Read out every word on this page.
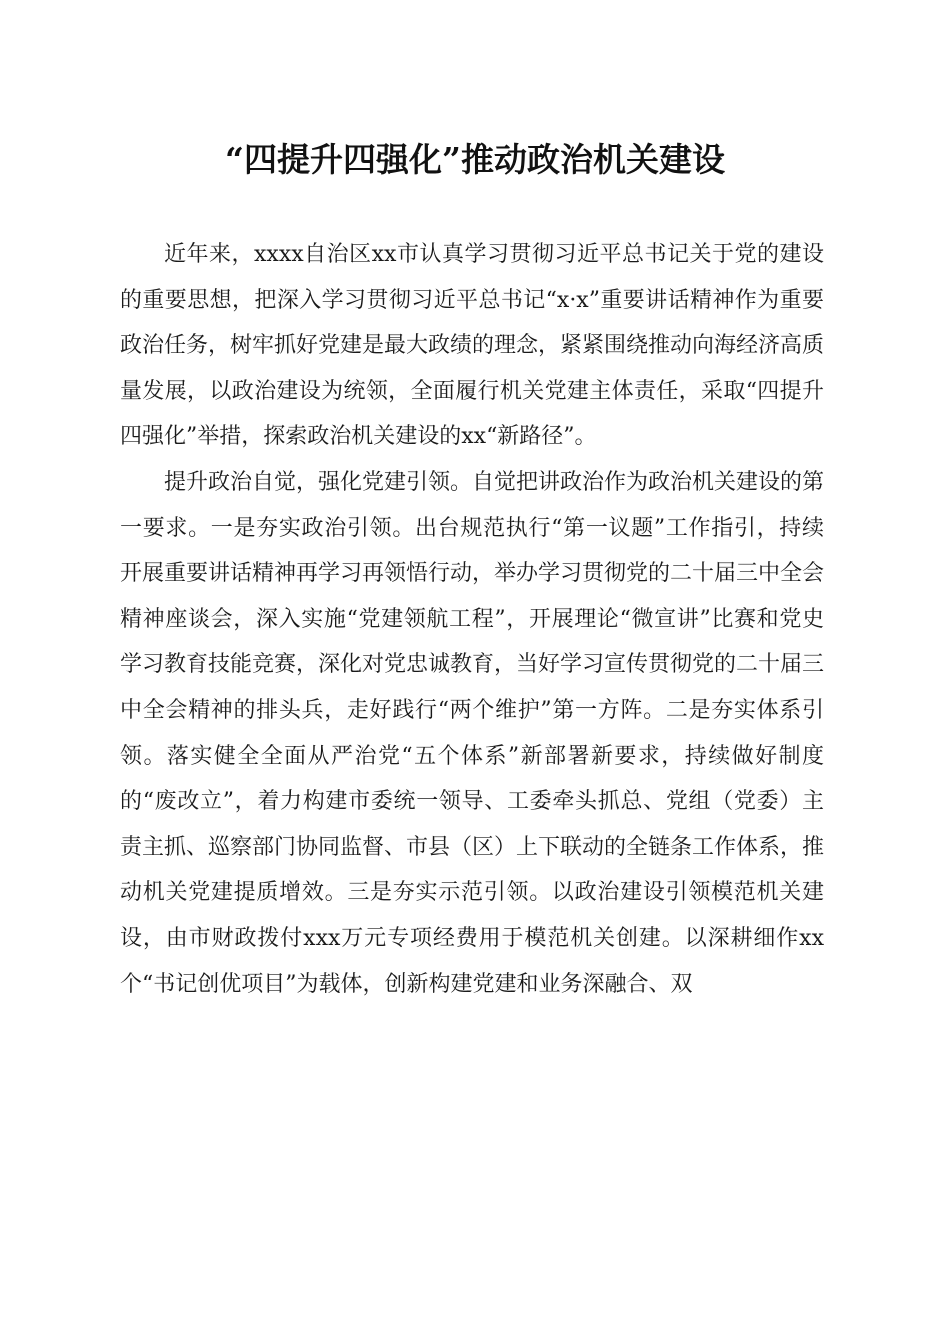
“四提升四强化”推动政治机关建设

近年来，xxxx自治区xx市认真学习贯彻习近平总书记关于党的建设的重要思想，把深入学习贯彻习近平总书记“x·x”重要讲话精神作为重要政治任务，树牢抓好党建是最大政绩的理念，紧紧围绕推动向海经济高质量发展，以政治建设为统领，全面履行机关党建主体责任，采取“四提升四强化”举措，探索政治机关建设的xx“新路径”。

提升政治自觉，强化党建引领。自觉把讲政治作为政治机关建设的第一要求。一是夯实政治引领。出台规范执行“第一议题”工作指引，持续开展重要讲话精神再学习再领悟行动，举办学习贯彻党的二十届三中全会精神座谈会，深入实施“党建领航工程”，开展理论“微宣讲”比赛和党史学习教育技能竞赛，深化对党忠诚教育，当好学习宣传贯彻党的二十届三中全会精神的排头兵，走好践行“两个维护”第一方阵。二是夯实体系引领。落实健全全面从严治党“五个体系”新部署新要求，持续做好制度的“废改立”，着力构建市委统一领导、工委牵头抓总、党组（党委）主责主抓、巡察部门协同监督、市县（区）上下联动的全链条工作体系，推动机关党建提质增效。三是夯实示范引领。以政治建设引领模范机关建设，由市财政拨付xxx万元专项经费用于模范机关创建。以深耕细作xx个“书记创优项目”为载体，创新构建党建和业务深融合、双
